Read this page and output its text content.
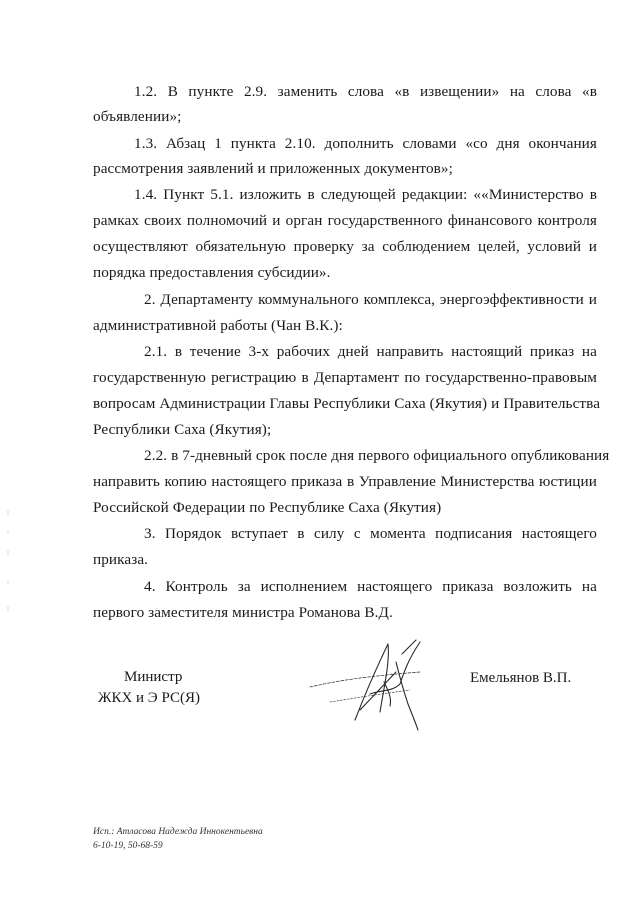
1.2. В пункте 2.9. заменить слова «в извещении» на слова «в
объявлении»;
1.3. Абзац 1 пункта 2.10. дополнить словами «со дня окончания
рассмотрения заявлений и приложенных документов»;
1.4. Пункт 5.1. изложить в следующей редакции: ««Министерство в
рамках своих полномочий и орган государственного финансового контроля
осуществляют обязательную проверку за соблюдением целей, условий и
порядка предоставления субсидии».
2. Департаменту коммунального комплекса, энергоэффективности и
административной работы (Чан В.К.):
2.1. в течение 3-х рабочих дней направить настоящий приказ на
государственную регистрацию в Департамент по государственно-правовым
вопросам Администрации Главы Республики Саха (Якутия) и Правительства
Республики Саха (Якутия);
2.2. в 7-дневный срок после дня первого официального опубликования
направить копию настоящего приказа в Управление Министерства юстиции
Российской Федерации по Республике Саха (Якутия)
3. Порядок вступает в силу с момента подписания настоящего
приказа.
4. Контроль за исполнением настоящего приказа возложить на
первого заместителя министра Романова В.Д.
Министр
ЖКХ и Э РС(Я)
Емельянов В.П.
Исп.: Атласова Надежда Иннокентьевна
6-10-19, 50-68-59
